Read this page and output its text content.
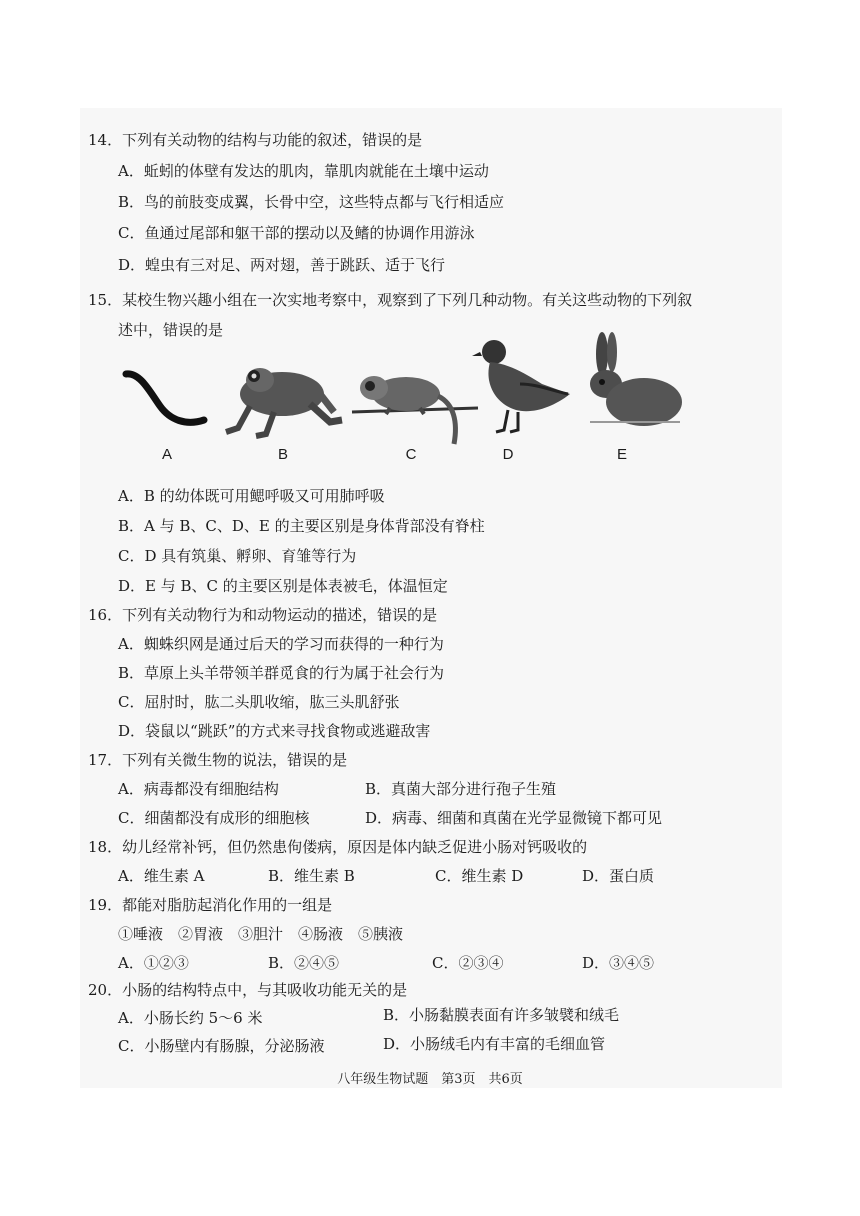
14．下列有关动物的结构与功能的叙述，错误的是
A．蚯蚓的体壁有发达的肌肉，靠肌肉就能在土壤中运动
B．鸟的前肢变成翼，长骨中空，这些特点都与飞行相适应
C．鱼通过尾部和躯干部的摆动以及鳍的协调作用游泳
D．蝗虫有三对足、两对翅，善于跳跃、适于飞行
15．某校生物兴趣小组在一次实地考察中，观察到了下列几种动物。有关这些动物的下列叙
述中，错误的是
A	B	C	D	E
A．B 的幼体既可用鳃呼吸又可用肺呼吸
B．A 与 B、C、D、E 的主要区别是身体背部没有脊柱
C．D 具有筑巢、孵卵、育雏等行为
D．E 与 B、C 的主要区别是体表被毛，体温恒定
16．下列有关动物行为和动物运动的描述，错误的是
A．蜘蛛织网是通过后天的学习而获得的一种行为
B．草原上头羊带领羊群觅食的行为属于社会行为
C．屈肘时，肱二头肌收缩，肱三头肌舒张
D．袋鼠以“跳跃”的方式来寻找食物或逃避敌害
17．下列有关微生物的说法，错误的是
A．病毒都没有细胞结构	B．真菌大部分进行孢子生殖
C．细菌都没有成形的细胞核	D．病毒、细菌和真菌在光学显微镜下都可见
18．幼儿经常补钙，但仍然患佝偻病，原因是体内缺乏促进小肠对钙吸收的
A．维生素 A	B．维生素 B	C．维生素 D	D．蛋白质
19．都能对脂肪起消化作用的一组是
①唾液　②胃液　③胆汁　④肠液　⑤胰液
A．①②③	B．②④⑤	C．②③④	D．③④⑤
20．小肠的结构特点中，与其吸收功能无关的是
A．小肠长约 5～6 米	B．小肠黏膜表面有许多皱襞和绒毛
C．小肠壁内有肠腺，分泌肠液	D．小肠绒毛内有丰富的毛细血管
八年级生物试题　第3页　共6页
